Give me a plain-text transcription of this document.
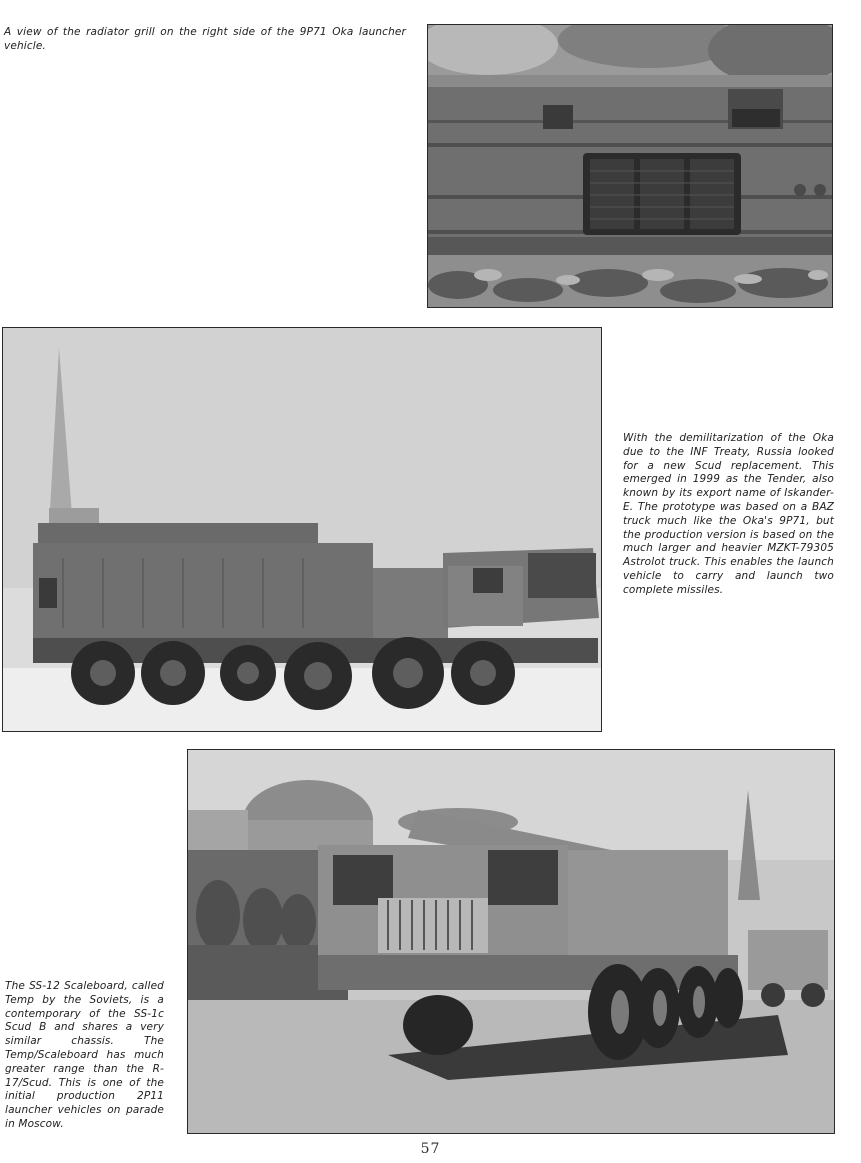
A view of the radiator grill on the right side of the 9P71 Oka launcher vehicle.

With the demilitarization of the Oka due to the INF Treaty, Russia looked for a new Scud replacement. This emerged in 1999 as the Tender, also known by its export name of Iskander-E. The prototype was based on a BAZ truck much like the Oka's 9P71, but the production version is based on the much larger and heavier MZKT-79305 Astrolot truck. This enables the launch vehicle to carry and launch two complete missiles.

The SS-12 Scaleboard, called Temp by the Soviets, is a contemporary of the SS-1c Scud B and shares a very similar chassis. The Temp/Scaleboard has much greater range than the R-17/Scud. This is one of the initial production 2P11 launcher vehicles on parade in Moscow.

57
